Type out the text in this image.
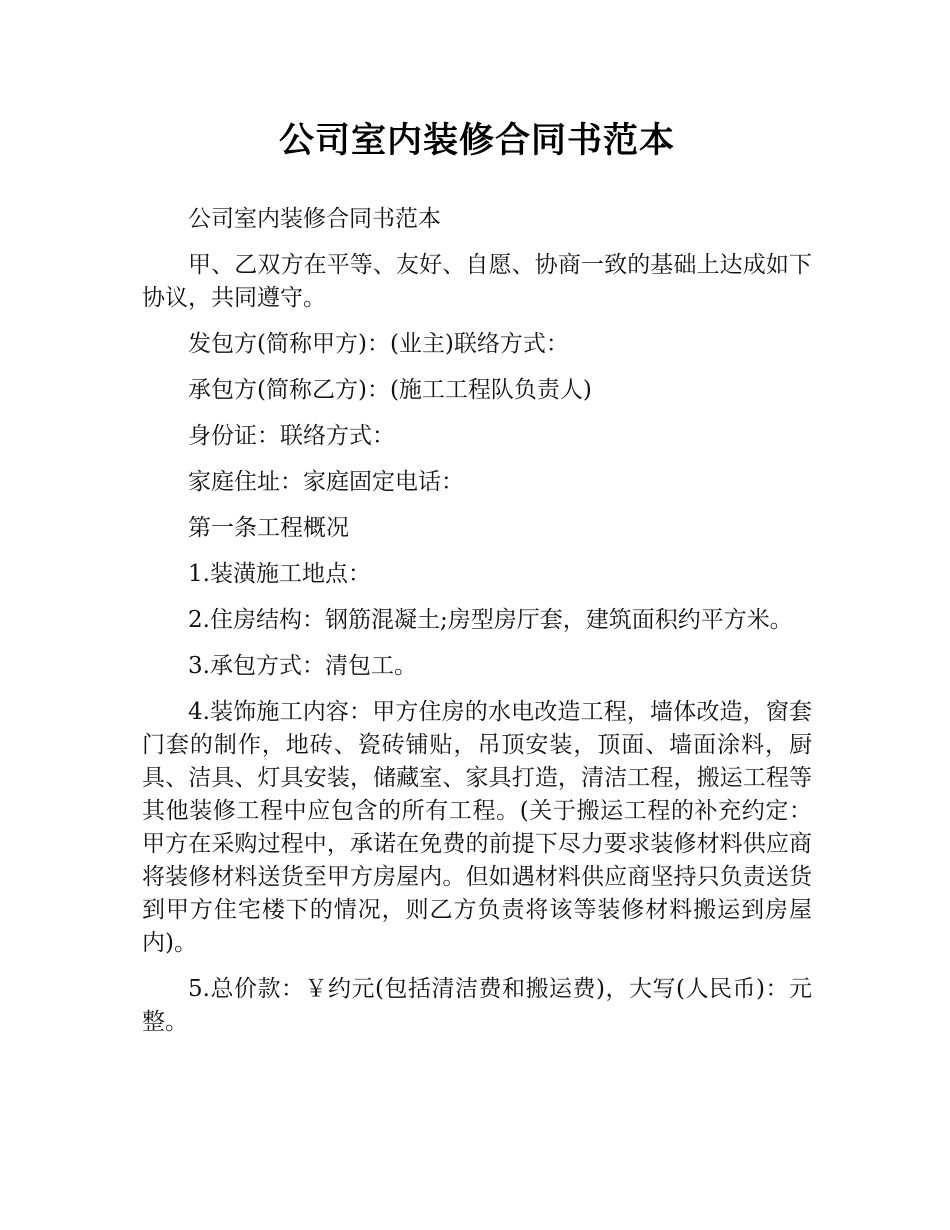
公司室内装修合同书范本

公司室内装修合同书范本

甲、乙双方在平等、友好、自愿、协商一致的基础上达成如下协议，共同遵守。

发包方(简称甲方)：(业主)联络方式：

承包方(简称乙方)：(施工工程队负责人)

身份证：联络方式：

家庭住址：家庭固定电话：

第一条工程概况

1.装潢施工地点：

2.住房结构：钢筋混凝土;房型房厅套，建筑面积约平方米。

3.承包方式：清包工。

4.装饰施工内容：甲方住房的水电改造工程，墙体改造，窗套门套的制作，地砖、瓷砖铺贴，吊顶安装，顶面、墙面涂料，厨具、洁具、灯具安装，储藏室、家具打造，清洁工程，搬运工程等其他装修工程中应包含的所有工程。(关于搬运工程的补充约定：甲方在采购过程中，承诺在免费的前提下尽力要求装修材料供应商将装修材料送货至甲方房屋内。但如遇材料供应商坚持只负责送货到甲方住宅楼下的情况，则乙方负责将该等装修材料搬运到房屋内)。

5.总价款：￥约元(包括清洁费和搬运费)，大写(人民币)：元整。
